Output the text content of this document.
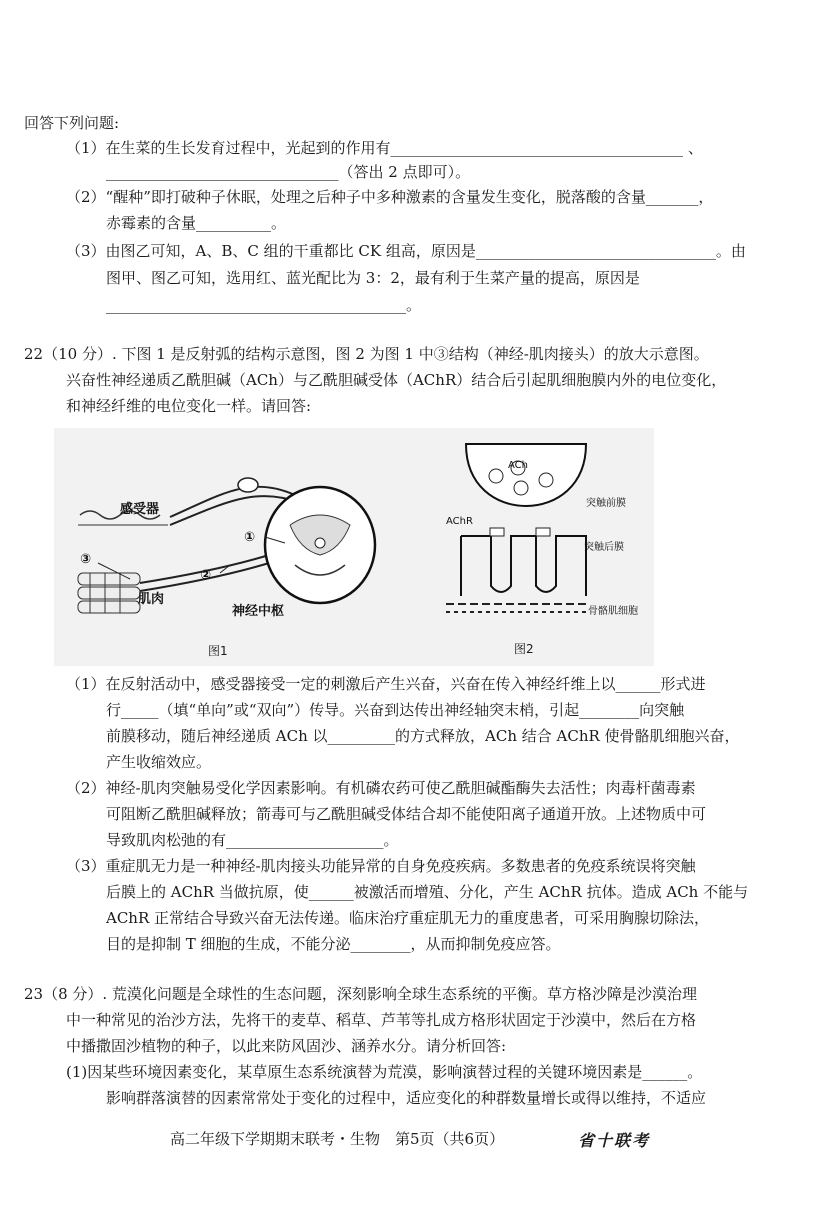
回答下列问题:
（1）在生菜的生长发育过程中，光起到的作用有_______________________________________ 、
_______________________________（答出 2 点即可）。
（2）“醒种”即打破种子休眠，处理之后种子中多种激素的含量发生变化，脱落酸的含量_______，
赤霉素的含量__________。
（3）由图乙可知，A、B、C 组的干重都比 CK 组高，原因是________________________________。由
图甲、图乙可知，选用红、蓝光配比为 3：2，最有利于生菜产量的提高，原因是
________________________________________。
22（10 分）. 下图 1 是反射弧的结构示意图，图 2 为图 1 中③结构（神经-肌肉接头）的放大示意图。
兴奋性神经递质乙酰胆碱（ACh）与乙酰胆碱受体（AChR）结合后引起肌细胞膜内外的电位变化，
和神经纤维的电位变化一样。请回答:
感受器
肌肉
神经中枢
①
②
③
图1
ACh
AChR
突触前膜
突触后膜
骨骼肌细胞
图2
（1）在反射活动中，感受器接受一定的刺激后产生兴奋，兴奋在传入神经纤维上以______形式进
行_____（填“单向”或“双向”）传导。兴奋到达传出神经轴突末梢，引起________向突触
前膜移动，随后神经递质 ACh 以_________的方式释放，ACh 结合 AChR 使骨骼肌细胞兴奋，
产生收缩效应。
（2）神经-肌肉突触易受化学因素影响。有机磷农药可使乙酰胆碱酯酶失去活性；肉毒杆菌毒素
可阻断乙酰胆碱释放；箭毒可与乙酰胆碱受体结合却不能使阳离子通道开放。上述物质中可
导致肌肉松弛的有_____________________。
（3）重症肌无力是一种神经-肌肉接头功能异常的自身免疫疾病。多数患者的免疫系统误将突触
后膜上的 AChR 当做抗原，使______被激活而增殖、分化，产生 AChR 抗体。造成 ACh 不能与
AChR 正常结合导致兴奋无法传递。临床治疗重症肌无力的重度患者，可采用胸腺切除法，
目的是抑制 T 细胞的生成，不能分泌________，从而抑制免疫应答。
23（8 分）. 荒漠化问题是全球性的生态问题，深刻影响全球生态系统的平衡。草方格沙障是沙漠治理
中一种常见的治沙方法，先将干的麦草、稻草、芦苇等扎成方格形状固定于沙漠中，然后在方格
中播撒固沙植物的种子，以此来防风固沙、涵养水分。请分析回答:
(1)因某些环境因素变化，某草原生态系统演替为荒漠，影响演替过程的关键环境因素是______。
影响群落演替的因素常常处于变化的过程中，适应变化的种群数量增长或得以维持，不适应
高二年级下学期期末联考・生物　第5页（共6页）	省十联考
